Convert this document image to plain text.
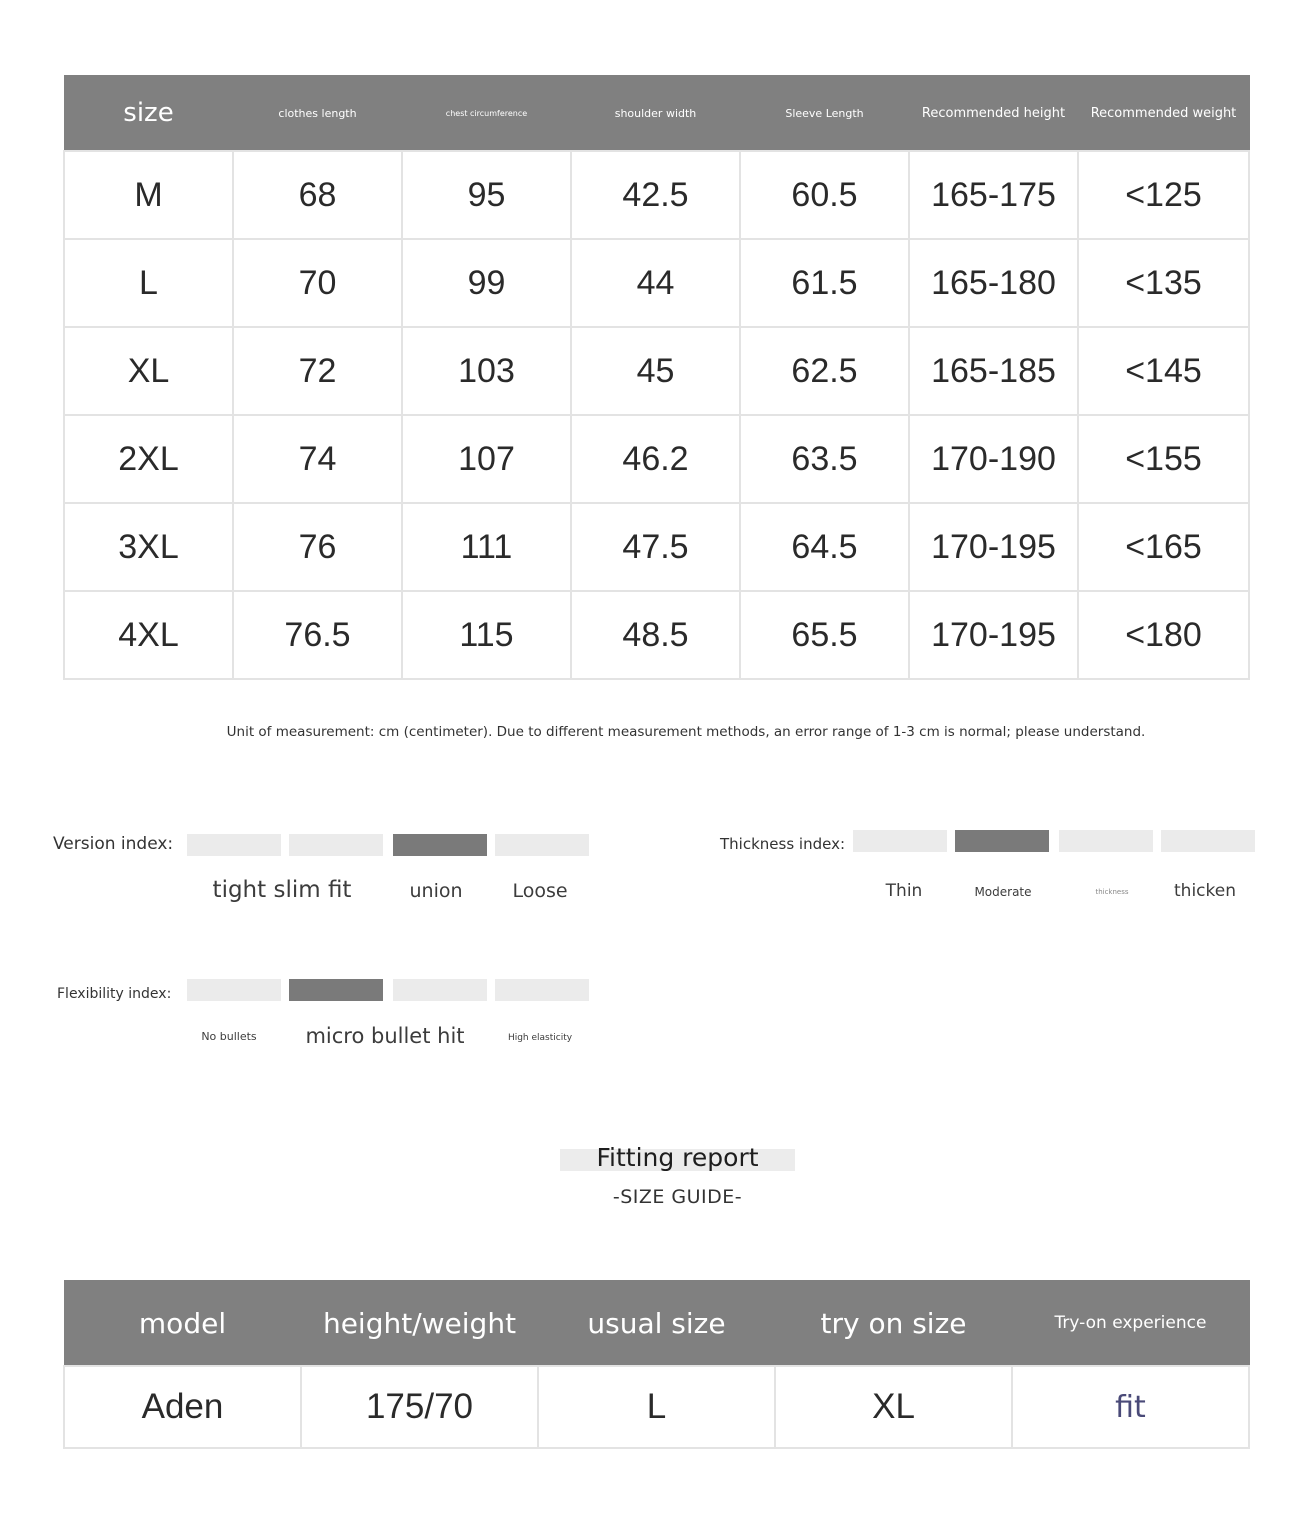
size	clothes length	chest circumference	shoulder width	Sleeve Length	Recommended height	Recommended weight
M	68	95	42.5	60.5	165-175	<125
L	70	99	44	61.5	165-180	<135
XL	72	103	45	62.5	165-185	<145
2XL	74	107	46.2	63.5	170-190	<155
3XL	76	111	47.5	64.5	170-195	<165
4XL	76.5	115	48.5	65.5	170-195	<180
Unit of measurement: cm (centimeter). Due to different measurement methods, an error range of 1-3 cm is normal; please understand.
Version index:
tight slim fit	union	Loose
Thickness index:
Thin	Moderate	thickness	thicken
Flexibility index:
No bullets	micro bullet hit	High elasticity
Fitting report
-SIZE GUIDE-
model	height/weight	usual size	try on size	Try-on experience
Aden	175/70	L	XL	fit
